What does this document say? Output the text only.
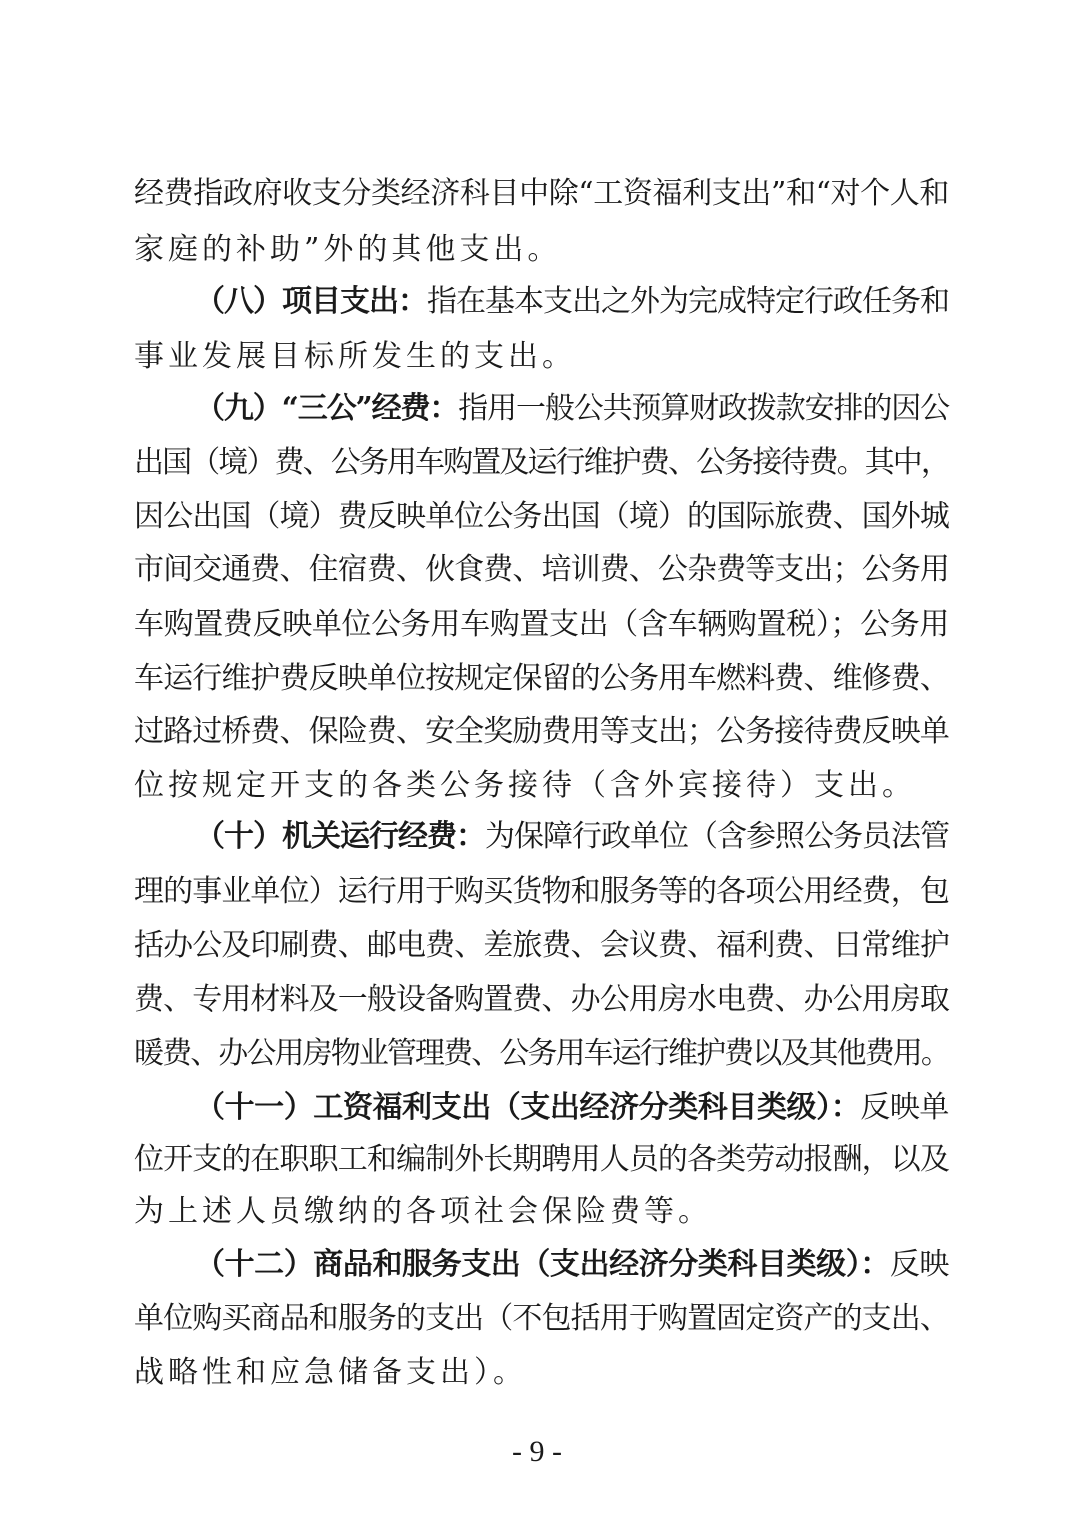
经费指政府收支分类经济科目中除“工资福利支出”和“对个人和
家庭的补助”外的其他支出。
（八）项目支出：指在基本支出之外为完成特定行政任务和
事业发展目标所发生的支出。
（九）“三公”经费：指用一般公共预算财政拨款安排的因公
出国（境）费、公务用车购置及运行维护费、公务接待费。其中，
因公出国（境）费反映单位公务出国（境）的国际旅费、国外城
市间交通费、住宿费、伙食费、培训费、公杂费等支出；公务用
车购置费反映单位公务用车购置支出（含车辆购置税）；公务用
车运行维护费反映单位按规定保留的公务用车燃料费、维修费、
过路过桥费、保险费、安全奖励费用等支出；公务接待费反映单
位按规定开支的各类公务接待（含外宾接待）支出。
（十）机关运行经费：为保障行政单位（含参照公务员法管
理的事业单位）运行用于购买货物和服务等的各项公用经费，包
括办公及印刷费、邮电费、差旅费、会议费、福利费、日常维护
费、专用材料及一般设备购置费、办公用房水电费、办公用房取
暖费、办公用房物业管理费、公务用车运行维护费以及其他费用。
（十一）工资福利支出（支出经济分类科目类级）：反映单
位开支的在职职工和编制外长期聘用人员的各类劳动报酬，以及
为上述人员缴纳的各项社会保险费等。
（十二）商品和服务支出（支出经济分类科目类级）：反映
单位购买商品和服务的支出（不包括用于购置固定资产的支出、
战略性和应急储备支出）。
- 9 -
